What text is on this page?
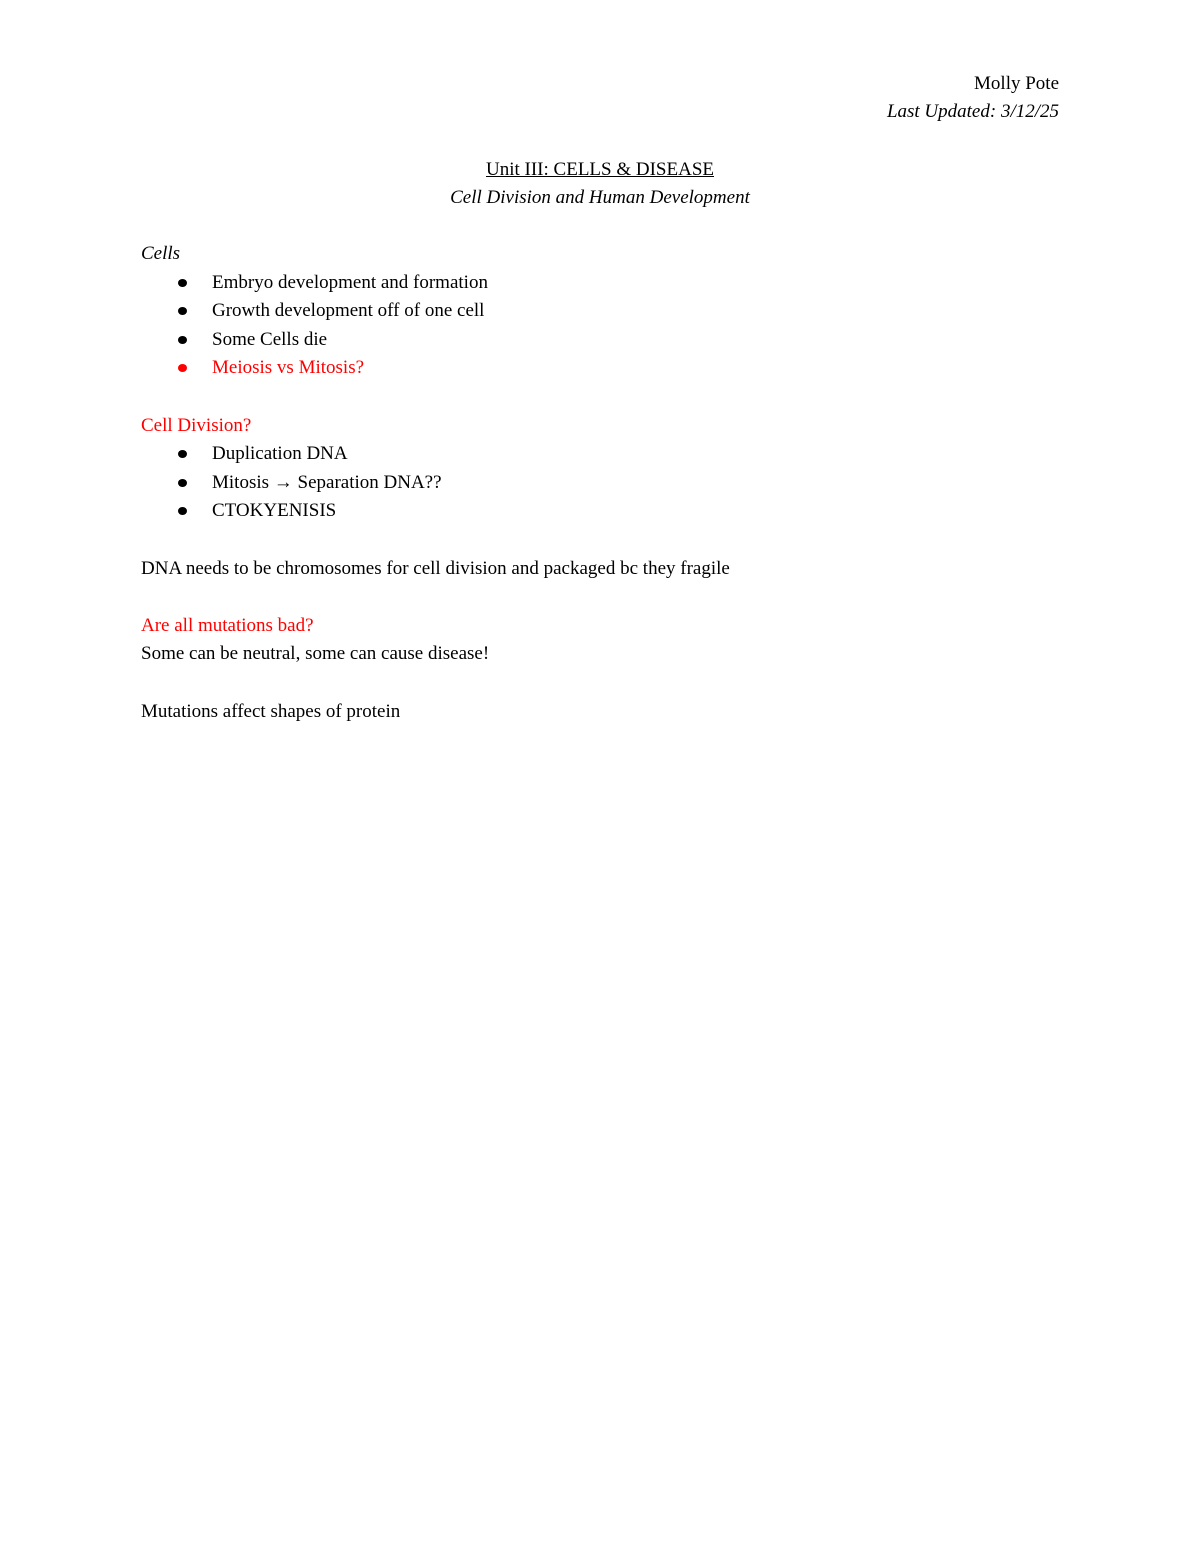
Molly Pote
Last Updated: 3/12/25
Unit III: CELLS & DISEASE
Cell Division and Human Development

Cells

Embryo development and formation
Growth development off of one cell
Some Cells die
Meiosis vs Mitosis?

Cell Division?

Duplication DNA
Mitosis → Separation DNA??
CTOKYENISIS

DNA needs to be chromosomes for cell division and packaged bc they fragile

Are all mutations bad?

Some can be neutral, some can cause disease!

Mutations affect shapes of protein
